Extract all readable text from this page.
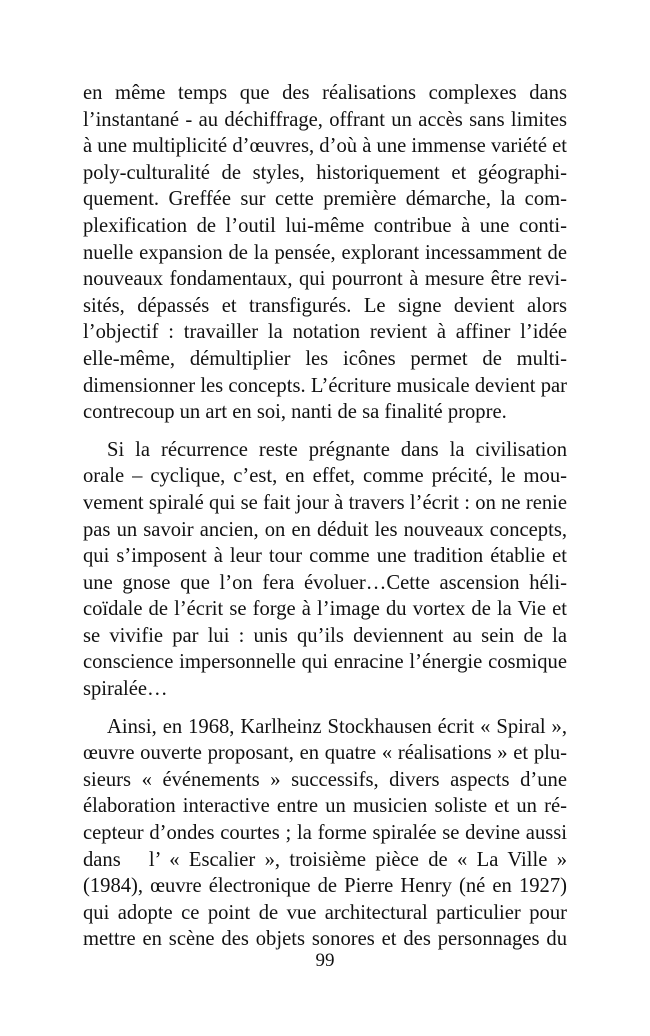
en même temps que des réalisations complexes dans
l’instantané - au déchiffrage, offrant un accès sans limites
à une multiplicité d’œuvres, d’où à une immense variété et
poly-culturalité de styles, historiquement et géographi-
quement. Greffée sur cette première démarche, la com-
plexification de l’outil lui-même contribue à une conti-
nuelle expansion de la pensée, explorant incessamment de
nouveaux fondamentaux, qui pourront à mesure être revi-
sités, dépassés et transfigurés. Le signe devient alors
l’objectif : travailler la notation revient à affiner l’idée
elle-même, démultiplier les icônes permet de multi-
dimensionner les concepts. L’écriture musicale devient par
contrecoup un art en soi, nanti de sa finalité propre.
Si la récurrence reste prégnante dans la civilisation
orale – cyclique, c’est, en effet, comme précité, le mou-
vement spiralé qui se fait jour à travers l’écrit : on ne renie
pas un savoir ancien, on en déduit les nouveaux concepts,
qui s’imposent à leur tour comme une tradition établie et
une gnose que l’on fera évoluer…Cette ascension héli-
coïdale de l’écrit se forge à l’image du vortex de la Vie et
se vivifie par lui : unis qu’ils deviennent au sein de la
conscience impersonnelle qui enracine l’énergie cosmique
spiralée…
Ainsi, en 1968, Karlheinz Stockhausen écrit « Spiral »,
œuvre ouverte proposant, en quatre « réalisations » et plu-
sieurs « événements » successifs, divers aspects d’une
élaboration interactive entre un musicien soliste et un ré-
cepteur d’ondes courtes ; la forme spiralée se devine aussi
dans   l’ « Escalier », troisième pièce de « La Ville »
(1984), œuvre électronique de Pierre Henry (né en 1927)
qui adopte ce point de vue architectural particulier pour
mettre en scène des objets sonores et des personnages du
99
